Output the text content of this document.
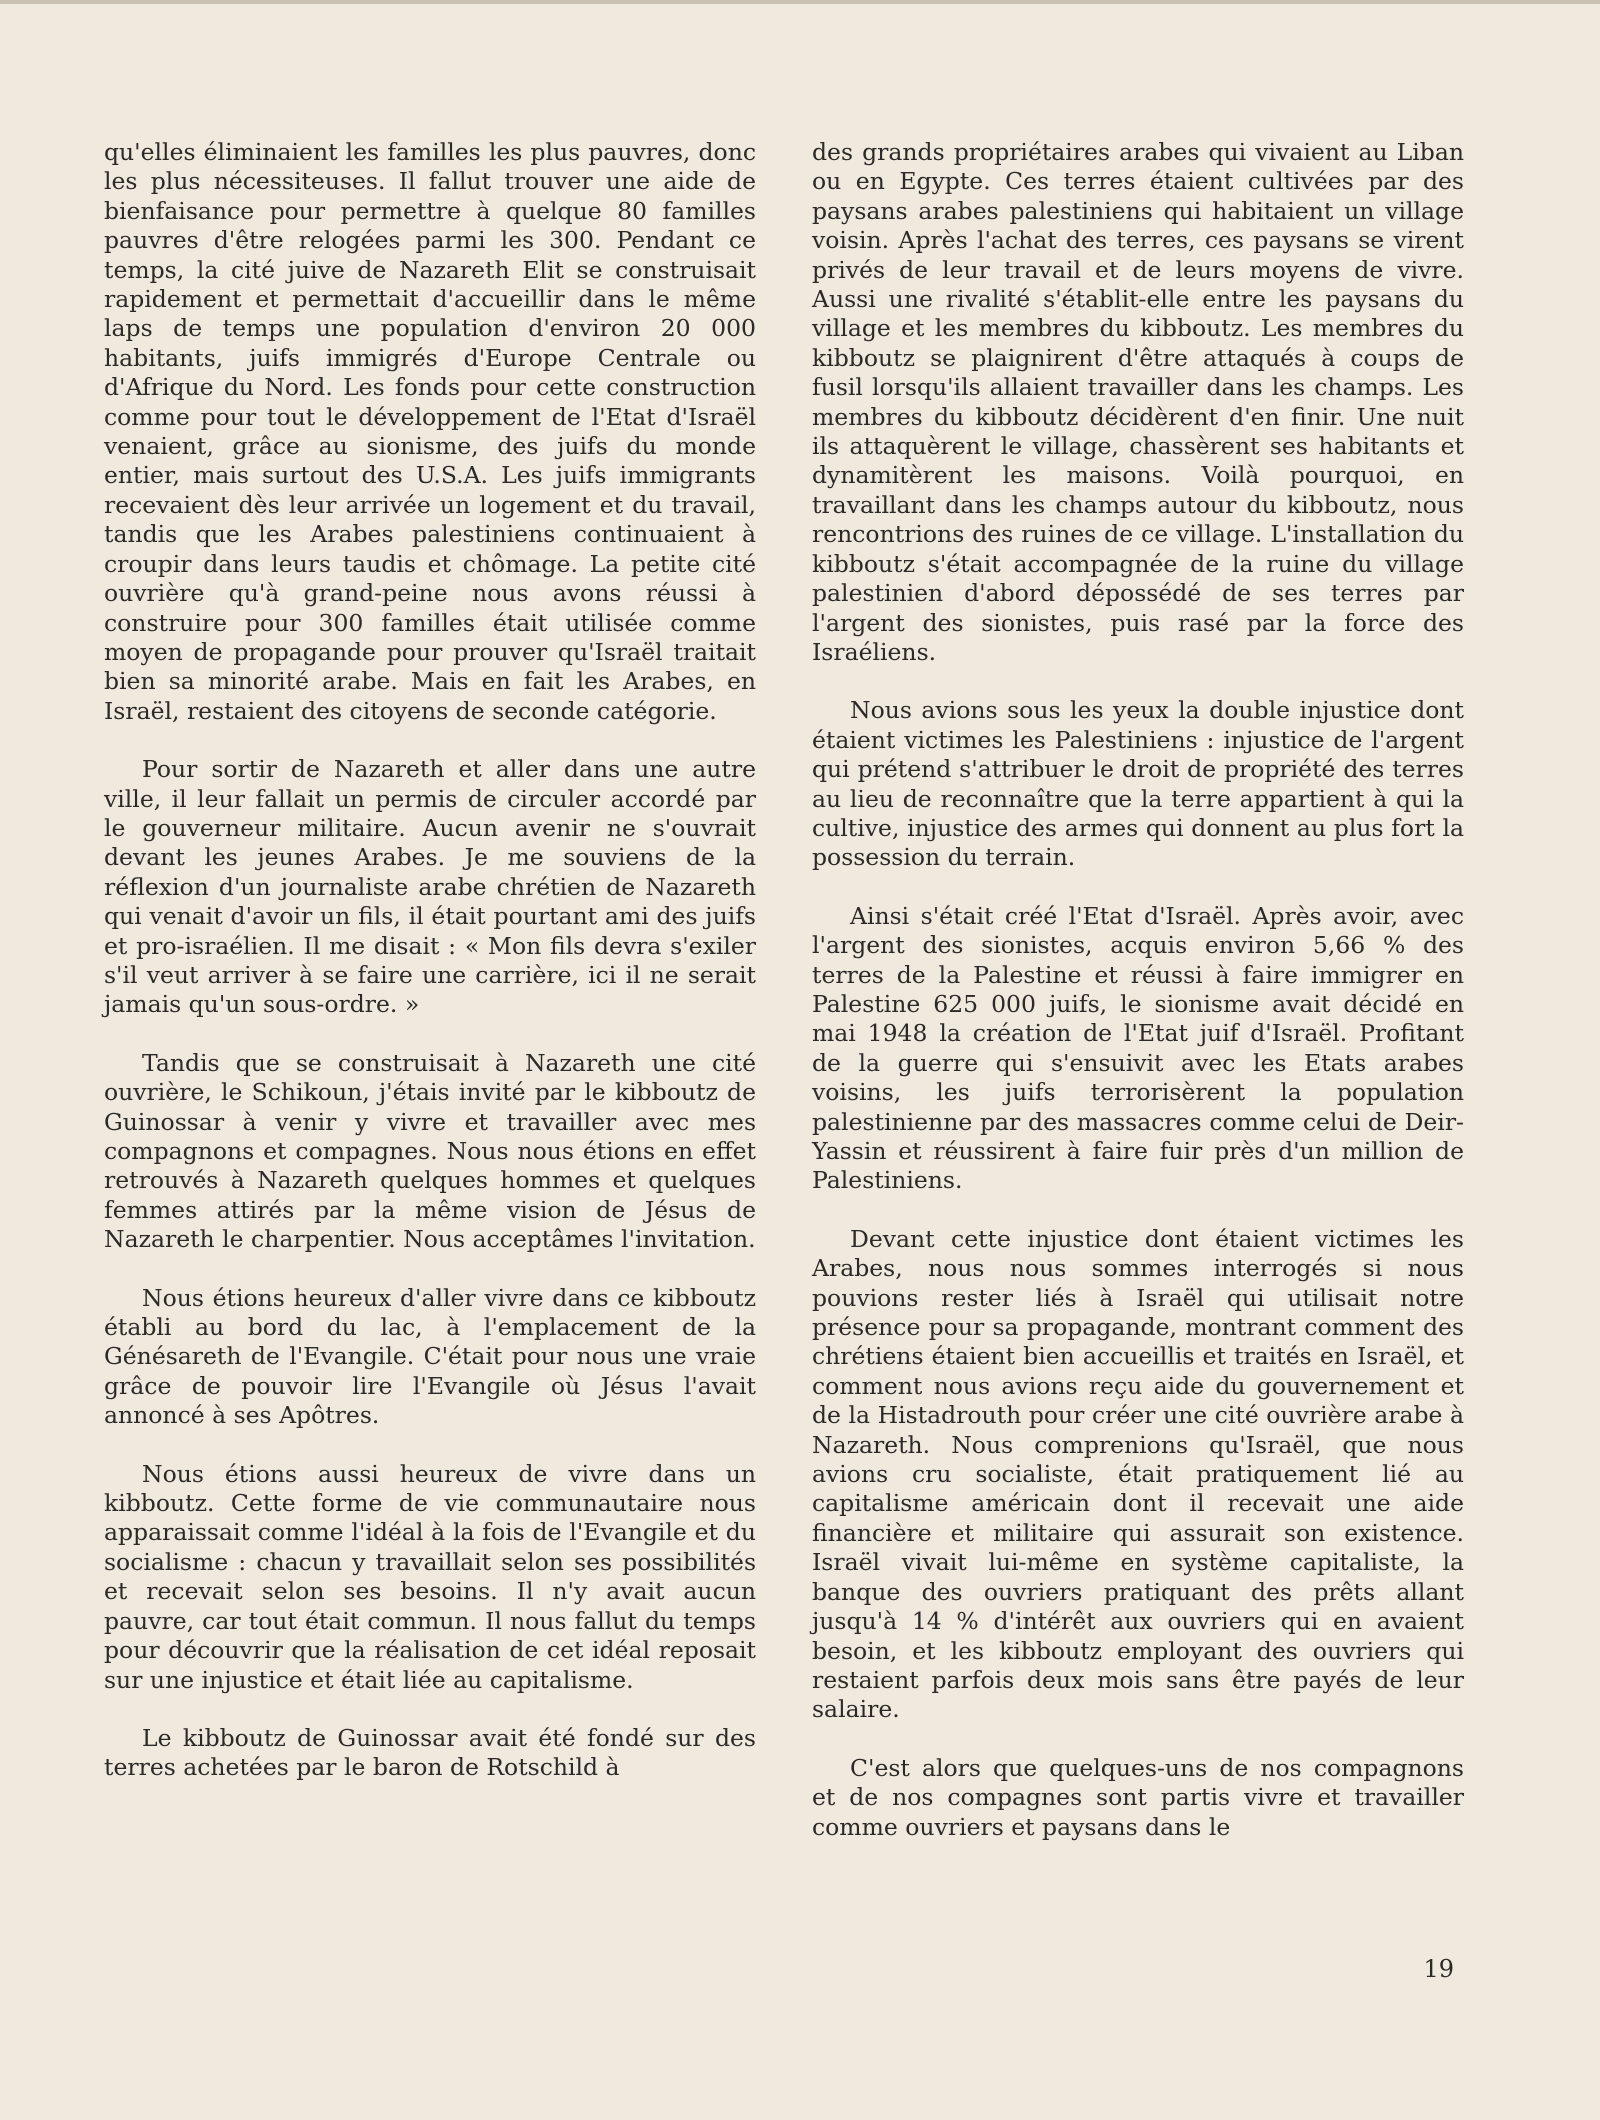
qu'elles éliminaient les familles les plus pauvres, donc les plus nécessiteuses. Il fallut trouver une aide de bienfaisance pour permettre à quelque 80 familles pauvres d'être relogées parmi les 300. Pendant ce temps, la cité juive de Nazareth Elit se construisait rapidement et permettait d'accueillir dans le même laps de temps une population d'environ 20 000 habitants, juifs immigrés d'Europe Centrale ou d'Afrique du Nord. Les fonds pour cette construction comme pour tout le développement de l'Etat d'Israël venaient, grâce au sionisme, des juifs du monde entier, mais surtout des U.S.A. Les juifs immigrants recevaient dès leur arrivée un logement et du travail, tandis que les Arabes palestiniens continuaient à croupir dans leurs taudis et chômage. La petite cité ouvrière qu'à grand-peine nous avons réussi à construire pour 300 familles était utilisée comme moyen de propagande pour prouver qu'Israël traitait bien sa minorité arabe. Mais en fait les Arabes, en Israël, restaient des citoyens de seconde catégorie.

Pour sortir de Nazareth et aller dans une autre ville, il leur fallait un permis de circuler accordé par le gouverneur militaire. Aucun avenir ne s'ouvrait devant les jeunes Arabes. Je me souviens de la réflexion d'un journaliste arabe chrétien de Nazareth qui venait d'avoir un fils, il était pourtant ami des juifs et pro-israélien. Il me disait : « Mon fils devra s'exiler s'il veut arriver à se faire une carrière, ici il ne serait jamais qu'un sous-ordre. »

Tandis que se construisait à Nazareth une cité ouvrière, le Schikoun, j'étais invité par le kibboutz de Guinossar à venir y vivre et travailler avec mes compagnons et compagnes. Nous nous étions en effet retrouvés à Nazareth quelques hommes et quelques femmes attirés par la même vision de Jésus de Nazareth le charpentier. Nous acceptâmes l'invitation.

Nous étions heureux d'aller vivre dans ce kibboutz établi au bord du lac, à l'emplacement de la Génésareth de l'Evangile. C'était pour nous une vraie grâce de pouvoir lire l'Evangile où Jésus l'avait annoncé à ses Apôtres.

Nous étions aussi heureux de vivre dans un kibboutz. Cette forme de vie communautaire nous apparaissait comme l'idéal à la fois de l'Evangile et du socialisme : chacun y travaillait selon ses possibilités et recevait selon ses besoins. Il n'y avait aucun pauvre, car tout était commun. Il nous fallut du temps pour découvrir que la réalisation de cet idéal reposait sur une injustice et était liée au capitalisme.

Le kibboutz de Guinossar avait été fondé sur des terres achetées par le baron de Rotschild à

des grands propriétaires arabes qui vivaient au Liban ou en Egypte. Ces terres étaient cultivées par des paysans arabes palestiniens qui habitaient un village voisin. Après l'achat des terres, ces paysans se virent privés de leur travail et de leurs moyens de vivre. Aussi une rivalité s'établit-elle entre les paysans du village et les membres du kibboutz. Les membres du kibboutz se plaignirent d'être attaqués à coups de fusil lorsqu'ils allaient travailler dans les champs. Les membres du kibboutz décidèrent d'en finir. Une nuit ils attaquèrent le village, chassèrent ses habitants et dynamitèrent les maisons. Voilà pourquoi, en travaillant dans les champs autour du kibboutz, nous rencontrions des ruines de ce village. L'installation du kibboutz s'était accompagnée de la ruine du village palestinien d'abord dépossédé de ses terres par l'argent des sionistes, puis rasé par la force des Israéliens.

Nous avions sous les yeux la double injustice dont étaient victimes les Palestiniens : injustice de l'argent qui prétend s'attribuer le droit de propriété des terres au lieu de reconnaître que la terre appartient à qui la cultive, injustice des armes qui donnent au plus fort la possession du terrain.

Ainsi s'était créé l'Etat d'Israël. Après avoir, avec l'argent des sionistes, acquis environ 5,66 % des terres de la Palestine et réussi à faire immigrer en Palestine 625 000 juifs, le sionisme avait décidé en mai 1948 la création de l'Etat juif d'Israël. Profitant de la guerre qui s'ensuivit avec les Etats arabes voisins, les juifs terrorisèrent la population palestinienne par des massacres comme celui de Deir-Yassin et réussirent à faire fuir près d'un million de Palestiniens.

Devant cette injustice dont étaient victimes les Arabes, nous nous sommes interrogés si nous pouvions rester liés à Israël qui utilisait notre présence pour sa propagande, montrant comment des chrétiens étaient bien accueillis et traités en Israël, et comment nous avions reçu aide du gouvernement et de la Histadrouth pour créer une cité ouvrière arabe à Nazareth. Nous comprenions qu'Israël, que nous avions cru socialiste, était pratiquement lié au capitalisme américain dont il recevait une aide financière et militaire qui assurait son existence. Israël vivait lui-même en système capitaliste, la banque des ouvriers pratiquant des prêts allant jusqu'à 14 % d'intérêt aux ouvriers qui en avaient besoin, et les kibboutz employant des ouvriers qui restaient parfois deux mois sans être payés de leur salaire.

C'est alors que quelques-uns de nos compagnons et de nos compagnes sont partis vivre et travailler comme ouvriers et paysans dans le

19
